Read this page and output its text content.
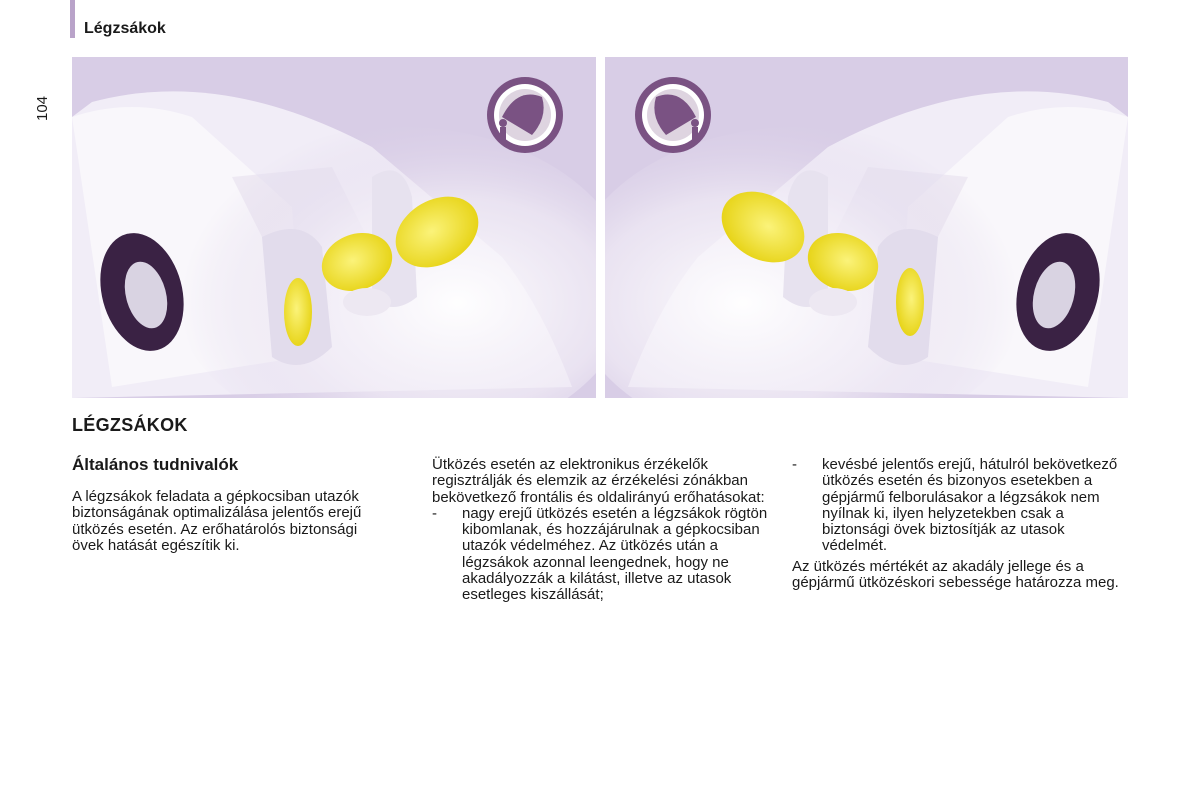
Légzsákok
104
LÉGZSÁKOK
Általános tudnivalók

A légzsákok feladata a gépkocsiban utazók biztonságának optimalizálása jelentős erejű ütközés esetén. Az erőhatárolós biztonsági övek hatását egészítik ki.

Ütközés esetén az elektronikus érzékelők regisztrálják és elemzik az érzékelési zónákban bekövetkező frontális és oldalirányú erőhatásokat:

- nagy erejű ütközés esetén a légzsákok rögtön kibomlanak, és hozzájárulnak a gépkocsiban utazók védelméhez. Az ütközés után a légzsákok azonnal leengednek, hogy ne akadályozzák a kilátást, illetve az utasok esetleges kiszállását;
- kevésbé jelentős erejű, hátulról bekövetkező ütközés esetén és bizonyos esetekben a gépjármű felborulásakor a légzsákok nem nyílnak ki, ilyen helyzetekben csak a biztonsági övek biztosítják az utasok védelmét.

Az ütközés mértékét az akadály jellege és a gépjármű ütközéskori sebessége határozza meg.
